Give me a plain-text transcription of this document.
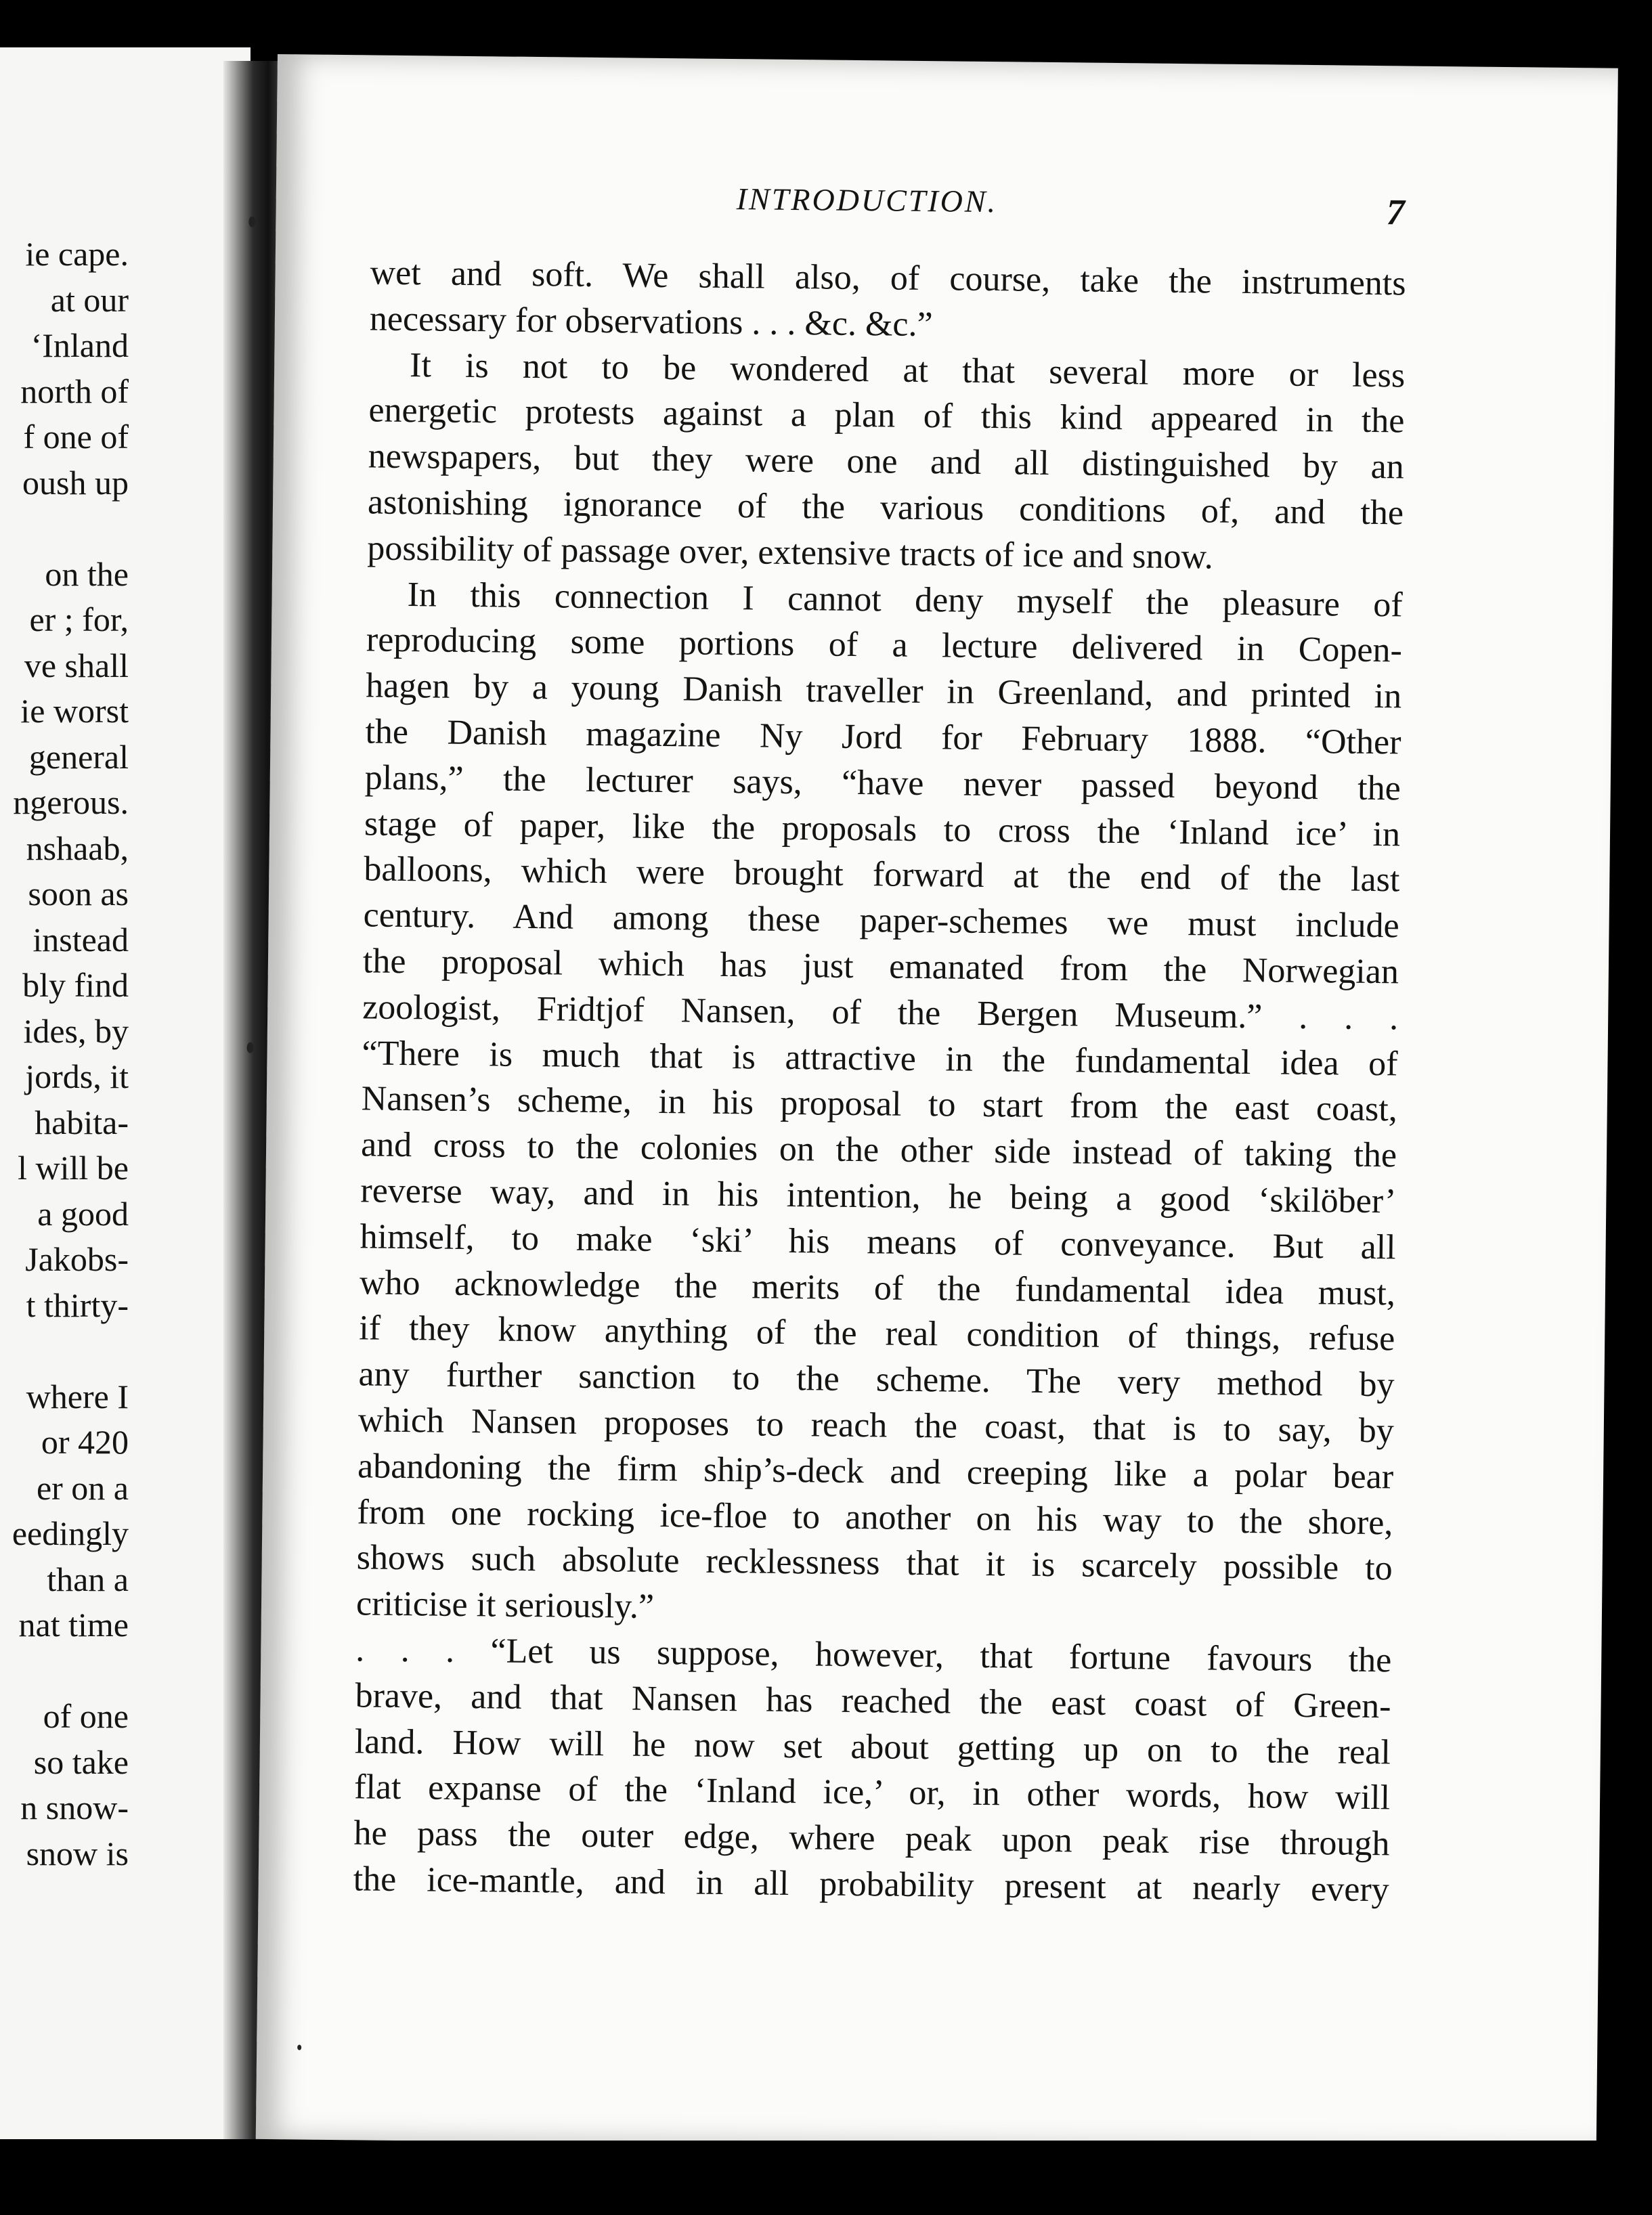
ie cape.
at our
‘Inland
north of
f one of
oush up
on the
er ; for,
ve shall
ie worst
general
ngerous.
nshaab,
soon as
instead
bly find
ides, by
jords, it
habita-
l will be
a good
Jakobs-
t thirty-
where I
or 420
er on a
eedingly
than a
nat time
of one
so take
n snow-
snow is
INTRODUCTION.	7
wet and soft. We shall also, of course, take the instruments
necessary for observations . . . &c. &c.”
It is not to be wondered at that several more or less
energetic protests against a plan of this kind appeared in the
newspapers, but they were one and all distinguished by an
astonishing ignorance of the various conditions of, and the
possibility of passage over, extensive tracts of ice and snow.
In this connection I cannot deny myself the pleasure of
reproducing some portions of a lecture delivered in Copen-
hagen by a young Danish traveller in Greenland, and printed in
the Danish magazine Ny Jord for February 1888. “Other
plans,” the lecturer says, “have never passed beyond the
stage of paper, like the proposals to cross the ‘Inland ice’ in
balloons, which were brought forward at the end of the last
century. And among these paper-schemes we must include
the proposal which has just emanated from the Norwegian
zoologist, Fridtjof Nansen, of the Bergen Museum.” . . .
“There is much that is attractive in the fundamental idea of
Nansen’s scheme, in his proposal to start from the east coast,
and cross to the colonies on the other side instead of taking the
reverse way, and in his intention, he being a good ‘skilöber’
himself, to make ‘ski’ his means of conveyance. But all
who acknowledge the merits of the fundamental idea must,
if they know anything of the real condition of things, refuse
any further sanction to the scheme. The very method by
which Nansen proposes to reach the coast, that is to say, by
abandoning the firm ship’s-deck and creeping like a polar bear
from one rocking ice-floe to another on his way to the shore,
shows such absolute recklessness that it is scarcely possible to
criticise it seriously.”
. . . “Let us suppose, however, that fortune favours the
brave, and that Nansen has reached the east coast of Green-
land. How will he now set about getting up on to the real
flat expanse of the ‘Inland ice,’ or, in other words, how will
he pass the outer edge, where peak upon peak rise through
the ice-mantle, and in all probability present at nearly every
